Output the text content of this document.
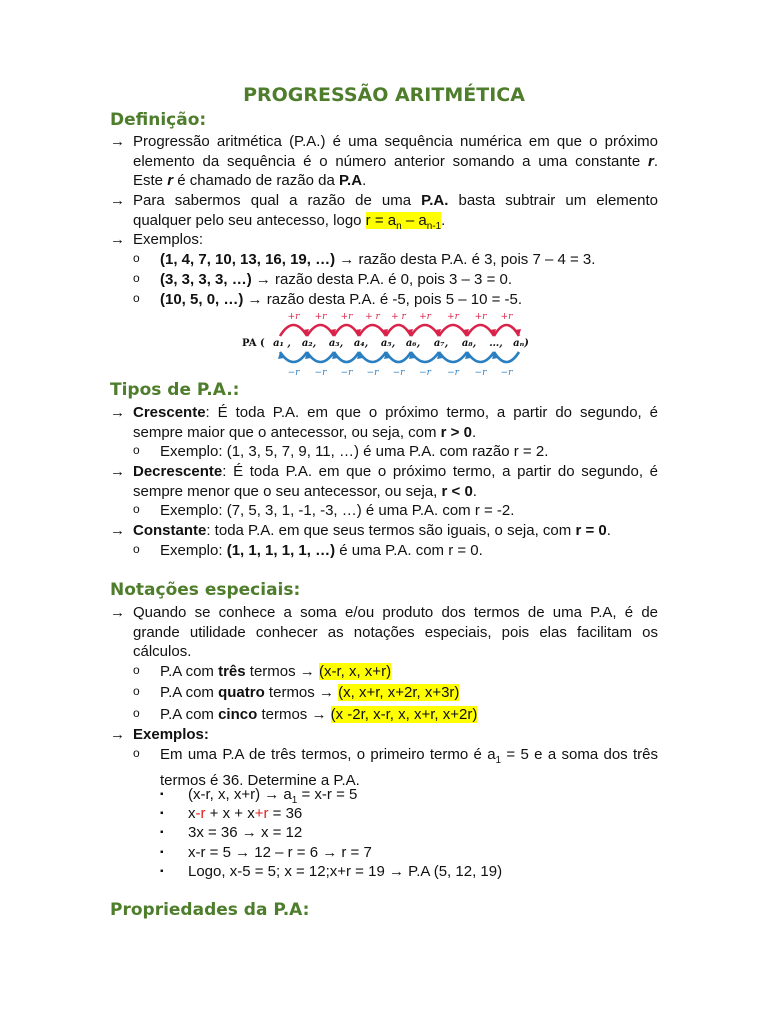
PROGRESSÃO ARITMÉTICA
Definição:
→ Progressão aritmética (P.A.) é uma sequência numérica em que o próximo
elemento da sequência é o número anterior somando a uma constante r.
Este r é chamado de razão da P.A.
→ Para sabermos qual a razão de uma P.A. basta subtrair um elemento
qualquer pelo seu antecesso, logo $r = a_n - a_{n-1}$.
→ Exemplos:
o (1, 4, 7, 10, 13, 16, 19, …) → razão desta P.A. é 3, pois 7 – 4 = 3.
o (3, 3, 3, 3, …) → razão desta P.A. é 0, pois 3 – 3 = 0.
o (10, 5, 0, …) → razão desta P.A. é -5, pois 5 – 10 = -5.
PA (
+r +r +r + r + r +r +r +r +r
a₁ , a₂, a₃, a₄, a₅, a₆, a₇, a₈, …, aₙ)
−r −r −r −r −r −r −r −r −r
Tipos de P.A.:
→ Crescente: É toda P.A. em que o próximo termo, a partir do segundo, é
sempre maior que o antecessor, ou seja, com r > 0.
o Exemplo: (1, 3, 5, 7, 9, 11, …) é uma P.A. com razão r = 2.
→ Decrescente: É toda P.A. em que o próximo termo, a partir do segundo, é
sempre menor que o seu antecessor, ou seja, r < 0.
o Exemplo: (7, 5, 3, 1, -1, -3, …) é uma P.A. com r = -2.
→ Constante: toda P.A. em que seus termos são iguais, o seja, com r = 0.
o Exemplo: (1, 1, 1, 1, 1, …) é uma P.A. com r = 0.
Notações especiais:
→ Quando se conhece a soma e/ou produto dos termos de uma P.A, é de
grande utilidade conhecer as notações especiais, pois elas facilitam os
cálculos.
o P.A com três termos → (x-r, x, x+r)
o P.A com quatro termos → (x, x+r, x+2r, x+3r)
o P.A com cinco termos → (x -2r, x-r, x, x+r, x+2r)
→ Exemplos:
o Em uma P.A de três termos, o primeiro termo é $a_1 = 5$ e a soma dos três
termos é 36. Determine a P.A.
▪ (x-r, x, $x+r) \to a_1 = x-r = 5$
▪ x-r + x + x+r = 36
▪ 3x = 36 → x = 12
▪ x-r = 5 → 12 – r = 6 → r = 7
▪ Logo, x-5 = 5; x = 12;x+r = 19 → P.A (5, 12, 19)
Propriedades da P.A:
